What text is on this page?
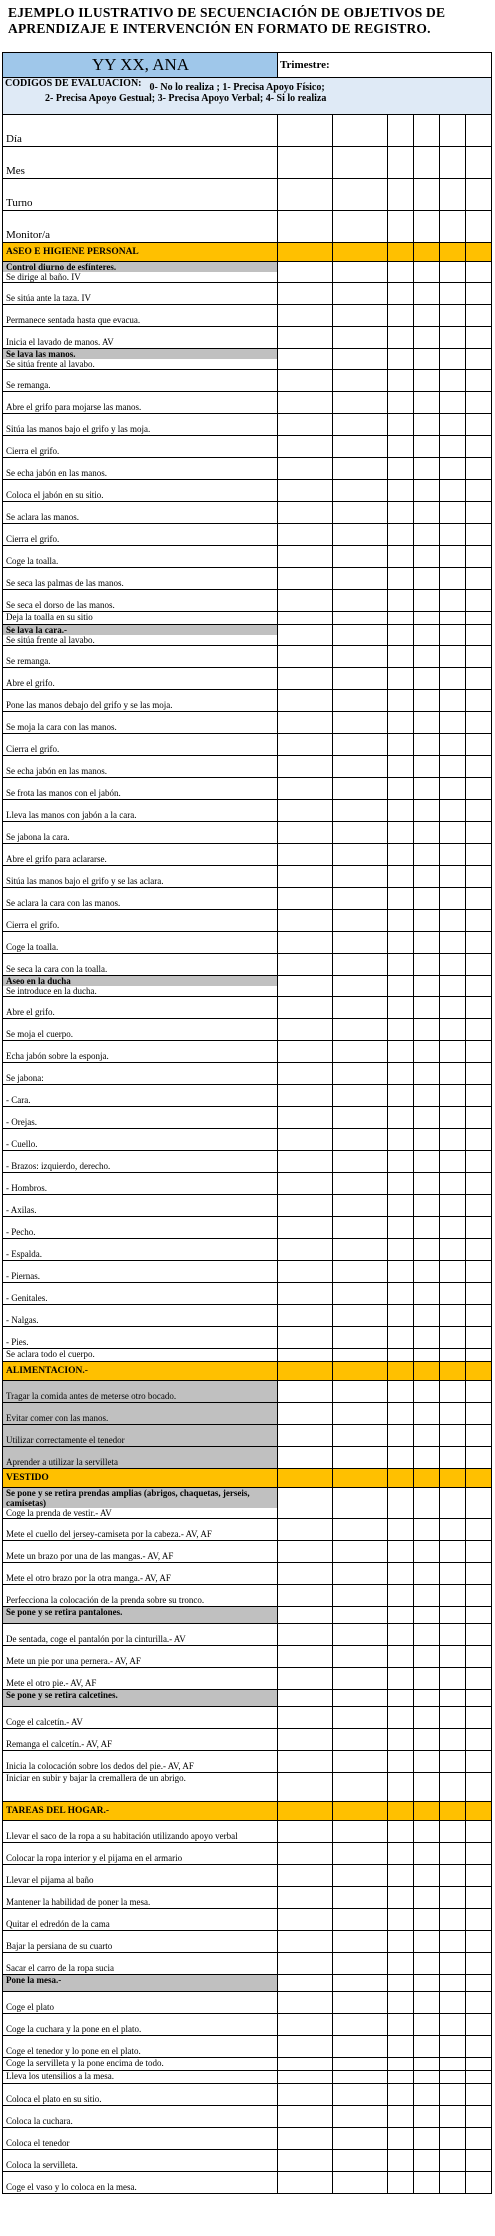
EJEMPLO ILUSTRATIVO DE SECUENCIACIÓN DE OBJETIVOS DE APRENDIZAJE E INTERVENCIÓN EN FORMATO DE REGISTRO.
YY XX, ANA	Trimestre:					

CODIGOS DE EVALUACION: 0- No lo realiza ; 1- Precisa Apoyo Físico;
2- Precisa Apoyo Gestual; 3- Precisa Apoyo Verbal; 4- Si lo realiza						

Día						
Mes						
Turno						
Monitor/a						
ASEO E HIGIENE PERSONAL						

Control diurno de esfínteres.
Se dirige al baño. IV						

Se sitúa ante la taza. IV						
Permanece sentada hasta que evacua.						
Inicia el lavado de manos. AV						

Se lava las manos.
Se sitúa frente al lavabo.						

Se remanga.						
Abre el grifo para mojarse las manos.						
Sitúa las manos bajo el grifo y las moja.						
Cierra el grifo.						
Se echa jabón en las manos.						
Coloca el jabón en su sitio.						
Se aclara las manos.						
Cierra el grifo.						
Coge la toalla.						
Se seca las palmas de las manos.						
Se seca el dorso de las manos.						
Deja la toalla en su sitio						

Se lava la cara.-
Se sitúa frente al lavabo.						

Se remanga.						
Abre el grifo.						
Pone las manos debajo del grifo y se las moja.						
Se moja la cara con las manos.						
Cierra el grifo.						
Se echa jabón en las manos.						
Se frota las manos con el jabón.						
Lleva las manos con jabón a la cara.						
Se jabona la cara.						
Abre el grifo para aclararse.						
Sitúa las manos bajo el grifo y se las aclara.						
Se aclara la cara con las manos.						
Cierra el grifo.						
Coge la toalla.						
Se seca la cara con la toalla.						

Aseo en la ducha
Se introduce en la ducha.						

Abre el grifo.						
Se moja el cuerpo.						
Echa jabón sobre la esponja.						
Se jabona:						
- Cara.						
- Orejas.						
- Cuello.						
- Brazos: izquierdo, derecho.						
- Hombros.						
- Axilas.						
- Pecho.						
- Espalda.						
- Piernas.						
- Genitales.						
- Nalgas.						
- Pies.						
Se aclara todo el cuerpo.						
ALIMENTACION.-						
Tragar la comida antes de meterse otro bocado.						
Evitar comer con las manos.						
Utilizar correctamente el tenedor						
Aprender a utilizar la servilleta						
VESTIDO						

Se pone y se retira prendas amplias (abrigos, chaquetas, jerseis, camisetas)
Coge la prenda de vestir.- AV						

Mete el cuello del jersey-camiseta por la cabeza.- AV, AF						
Mete un brazo por una de las mangas.- AV, AF						
Mete el otro brazo por la otra manga.- AV, AF						
Perfecciona la colocación de la prenda sobre su tronco.						
Se pone y se retira pantalones.						
De sentada, coge el pantalón por la cinturilla.- AV						
Mete un pie por una pernera.- AV, AF						
Mete el otro pie.- AV, AF						
Se pone y se retira calcetines.						
Coge el calcetín.- AV						
Remanga el calcetín.- AV, AF						
Inicia la colocación sobre los dedos del pie.- AV, AF						
Iniciar en subir y bajar la cremallera de un abrigo.						
TAREAS DEL HOGAR.-						
Llevar el saco de la ropa a su habitación utilizando apoyo verbal						
Colocar la ropa interior y el pijama en el armario						
Llevar el pijama al baño						
Mantener la habilidad de poner la mesa.						
Quitar el edredón de la cama						
Bajar la persiana de su cuarto						
Sacar el carro de la ropa sucia						
Pone la mesa.-						
Coge el plato						
Coge la cuchara y la pone en el plato.						
Coge el tenedor y lo pone en el plato.						
Coge la servilleta y la pone encima de todo.						
Lleva los utensilios a la mesa.						
Coloca el plato en su sitio.						
Coloca la cuchara.						
Coloca el tenedor						
Coloca la servilleta.						
Coge el vaso y lo coloca en la mesa.						
